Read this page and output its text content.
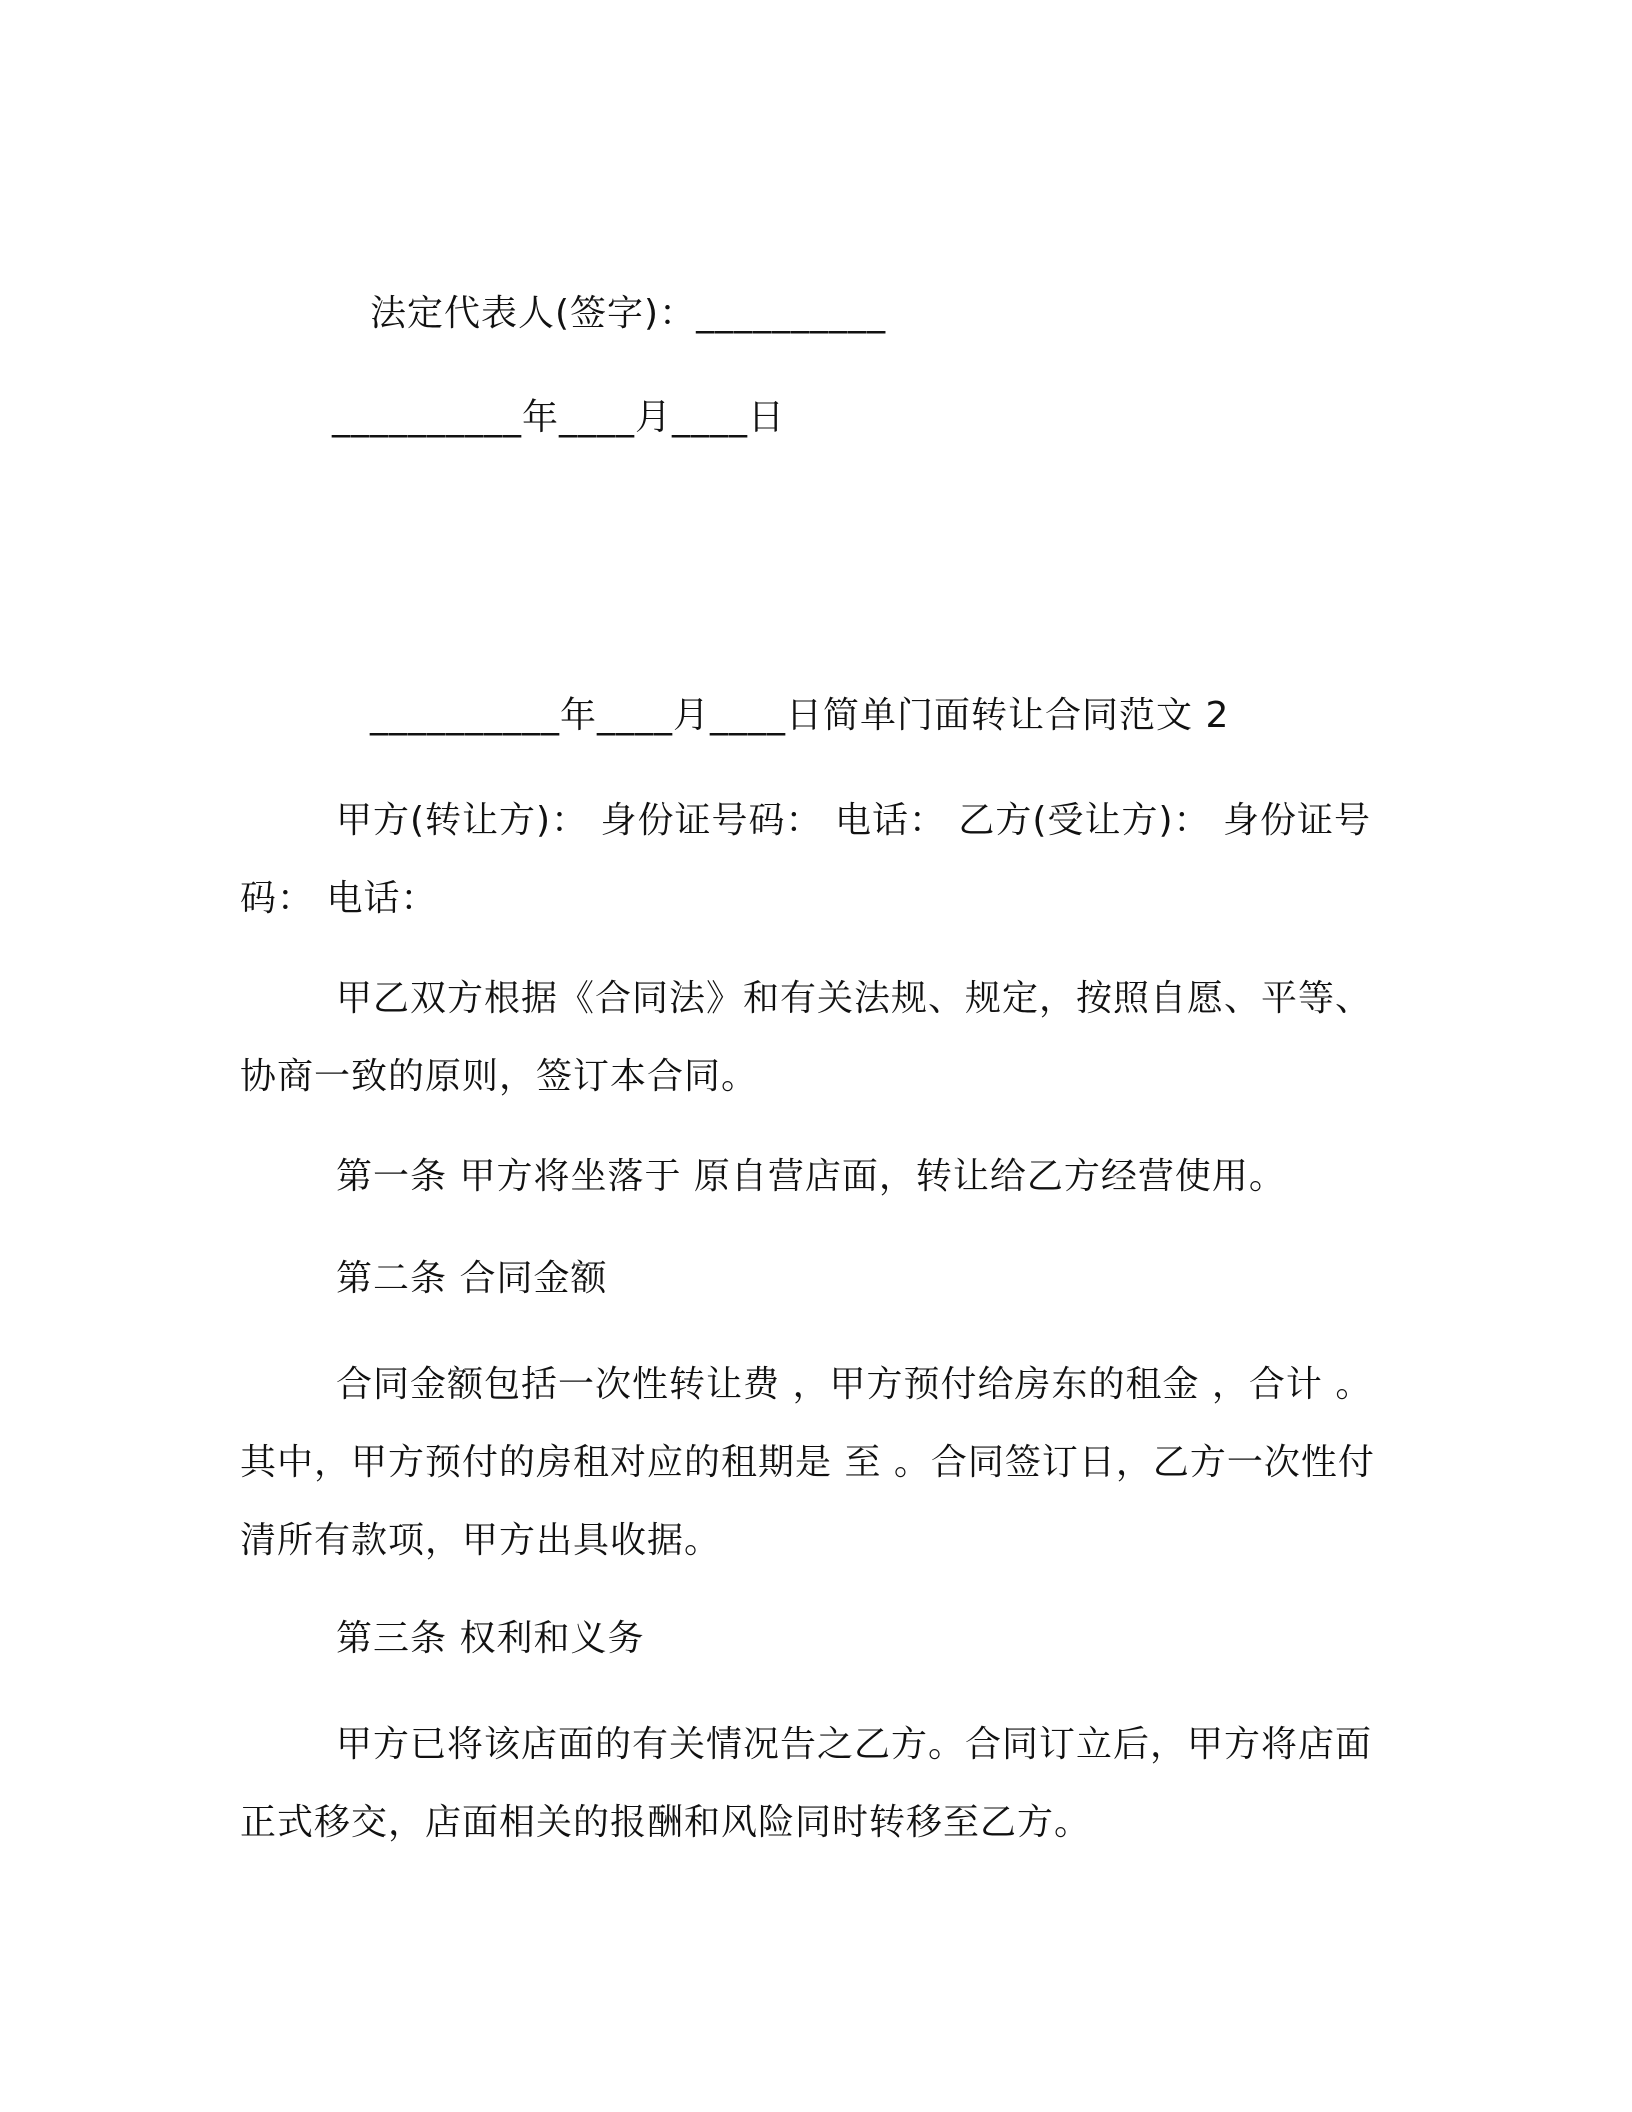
法定代表人(签字)：__________
__________年____月____日
__________年____月____日简单门面转让合同范文 2
甲方(转让方)： 身份证号码： 电话： 乙方(受让方)： 身份证号码： 电话：
甲乙双方根据《合同法》和有关法规、规定，按照自愿、平等、协商一致的原则，签订本合同。
第一条 甲方将坐落于 原自营店面，转让给乙方经营使用。
第二条 合同金额
合同金额包括一次性转让费 ，甲方预付给房东的租金 ，合计 。其中，甲方预付的房租对应的租期是 至 。合同签订日，乙方一次性付清所有款项，甲方出具收据。
第三条 权利和义务
甲方已将该店面的有关情况告之乙方。合同订立后，甲方将店面正式移交，店面相关的报酬和风险同时转移至乙方。
